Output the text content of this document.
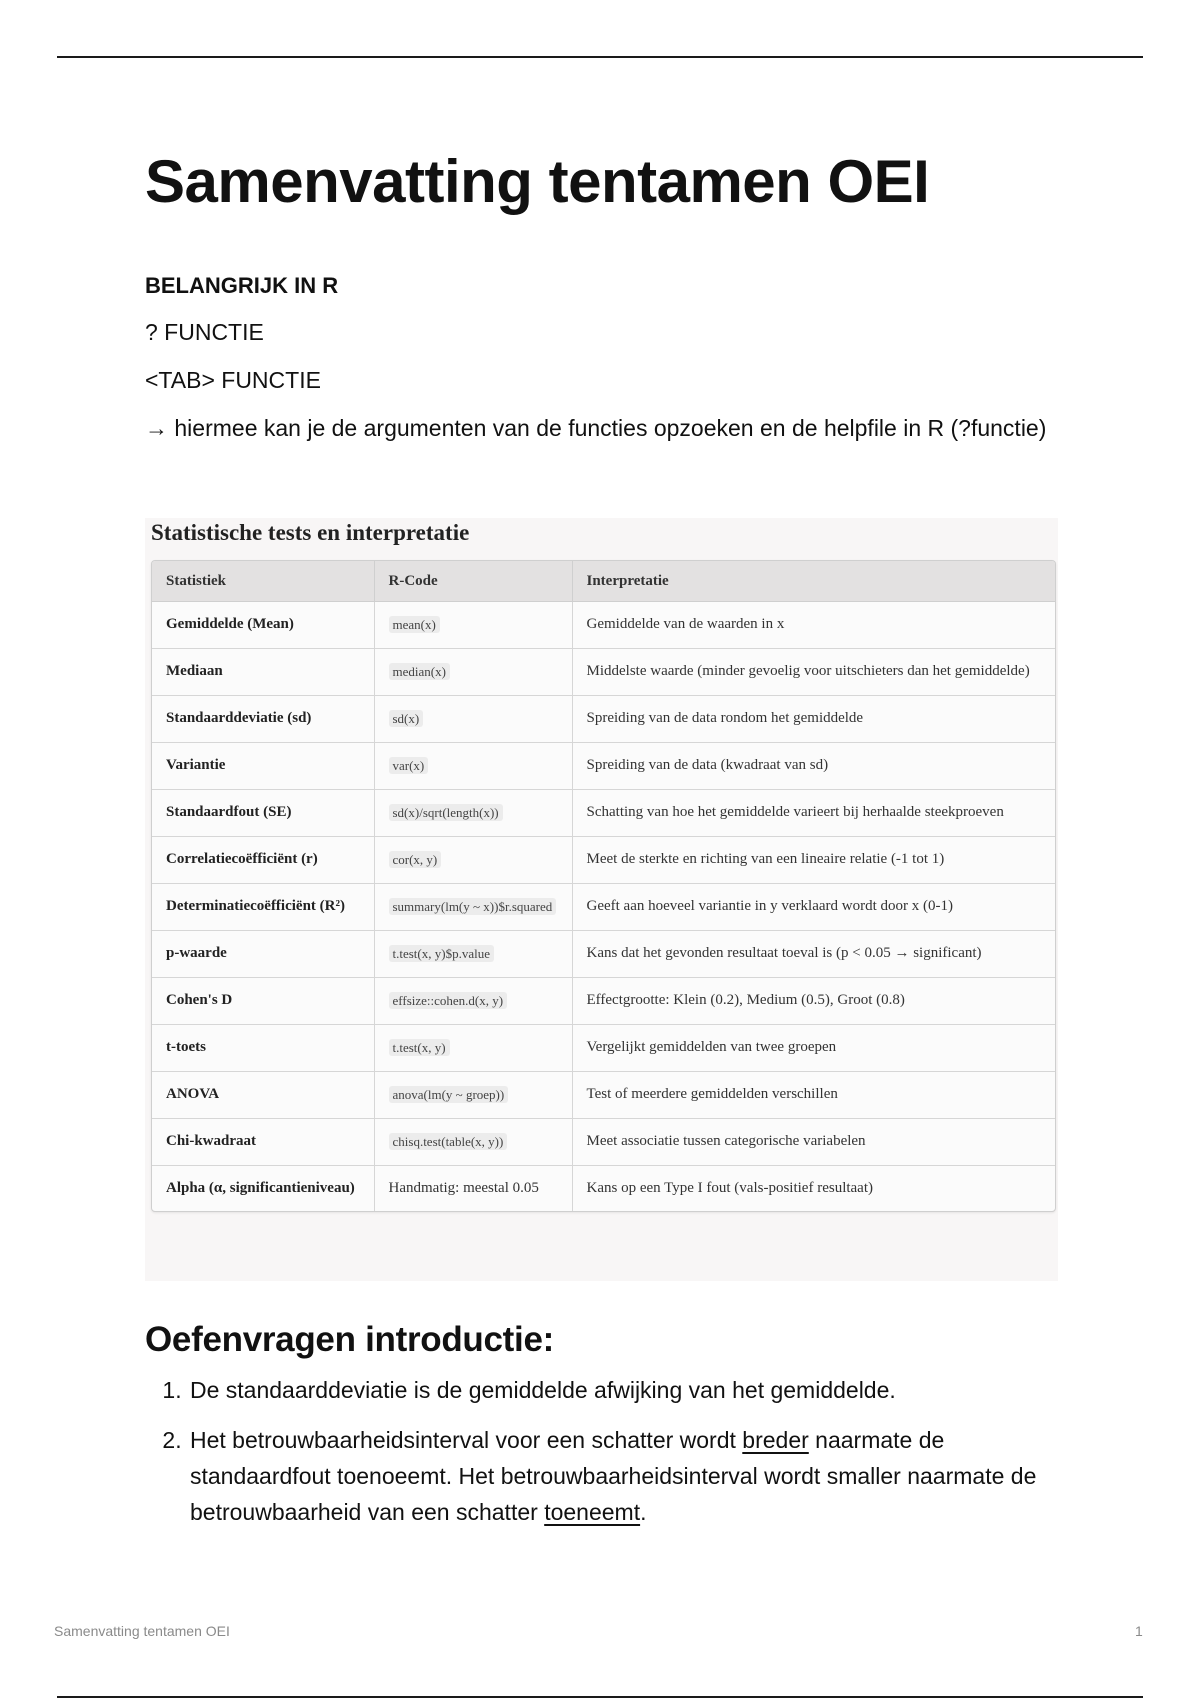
Samenvatting tentamen OEI
BELANGRIJK IN R
? FUNCTIE
<TAB> FUNCTIE
→ hiermee kan je de argumenten van de functies opzoeken en de helpfile in R (?functie)
Statistische tests en interpretatie
Statistiek	R-Code	Interpretatie
Gemiddelde (Mean)	mean(x)	Gemiddelde van de waarden in x
Mediaan	median(x)	Middelste waarde (minder gevoelig voor uitschieters dan het gemiddelde)
Standaarddeviatie (sd)	sd(x)	Spreiding van de data rondom het gemiddelde
Variantie	var(x)	Spreiding van de data (kwadraat van sd)
Standaardfout (SE)	sd(x)/sqrt(length(x))	Schatting van hoe het gemiddelde varieert bij herhaalde steekproeven
Correlatiecoëfficiënt (r)	cor(x, y)	Meet de sterkte en richting van een lineaire relatie (-1 tot 1)
Determinatiecoëfficiënt (R²)	summary(lm(y ~ x))$r.squared	Geeft aan hoeveel variantie in y verklaard wordt door x (0-1)
p-waarde	t.test(x, y)$p.value	Kans dat het gevonden resultaat toeval is (p < 0.05 → significant)
Cohen's D	effsize::cohen.d(x, y)	Effectgrootte: Klein (0.2), Medium (0.5), Groot (0.8)
t-toets	t.test(x, y)	Vergelijkt gemiddelden van twee groepen
ANOVA	anova(lm(y ~ groep))	Test of meerdere gemiddelden verschillen
Chi-kwadraat	chisq.test(table(x, y))	Meet associatie tussen categorische variabelen
Alpha (α, significantieniveau)	Handmatig: meestal 0.05	Kans op een Type I fout (vals-positief resultaat)
Oefenvragen introductie:
1. De standaarddeviatie is de gemiddelde afwijking van het gemiddelde.
2. Het betrouwbaarheidsinterval voor een schatter wordt breder naarmate de standaardfout toenoeemt. Het betrouwbaarheidsinterval wordt smaller naarmate de betrouwbaarheid van een schatter toeneemt.
Samenvatting tentamen OEI	1
